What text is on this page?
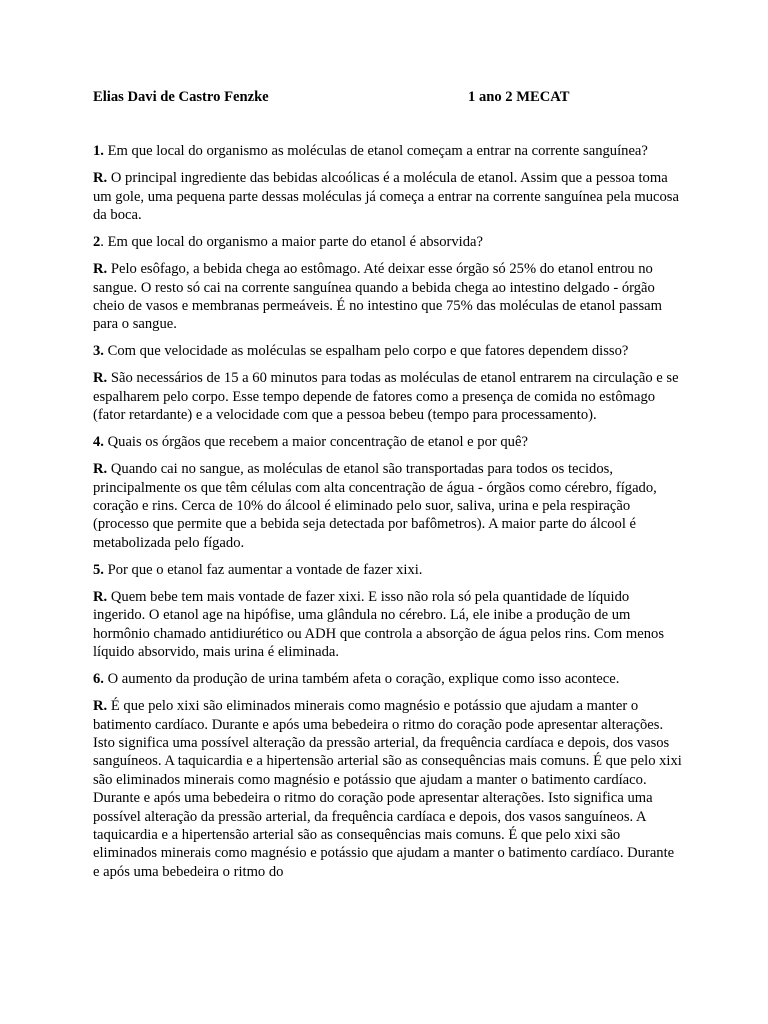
Elias Davi de Castro Fenzke	1 ano 2 MECAT

1. Em que local do organismo as moléculas de etanol começam a entrar na corrente sanguínea?

R. O principal ingrediente das bebidas alcoólicas é a molécula de etanol. Assim que a pessoa toma um gole, uma pequena parte dessas moléculas já começa a entrar na corrente sanguínea pela mucosa da boca.

2. Em que local do organismo a maior parte do etanol é absorvida?

R. Pelo esôfago, a bebida chega ao estômago. Até deixar esse órgão só 25% do etanol entrou no sangue. O resto só cai na corrente sanguínea quando a bebida chega ao intestino delgado - órgão cheio de vasos e membranas permeáveis. É no intestino que 75% das moléculas de etanol passam para o sangue.

3. Com que velocidade as moléculas se espalham pelo corpo e que fatores dependem disso?

R. São necessários de 15 a 60 minutos para todas as moléculas de etanol entrarem na circulação e se espalharem pelo corpo. Esse tempo depende de fatores como a presença de comida no estômago (fator retardante) e a velocidade com que a pessoa bebeu (tempo para processamento).

4. Quais os órgãos que recebem a maior concentração de etanol e por quê?

R. Quando cai no sangue, as moléculas de etanol são transportadas para todos os tecidos, principalmente os que têm células com alta concentração de água - órgãos como cérebro, fígado, coração e rins. Cerca de 10% do álcool é eliminado pelo suor, saliva, urina e pela respiração (processo que permite que a bebida seja detectada por bafômetros). A maior parte do álcool é metabolizada pelo fígado.

5. Por que o etanol faz aumentar a vontade de fazer xixi.

R. Quem bebe tem mais vontade de fazer xixi. E isso não rola só pela quantidade de líquido ingerido. O etanol age na hipófise, uma glândula no cérebro. Lá, ele inibe a produção de um hormônio chamado antidiurético ou ADH que controla a absorção de água pelos rins. Com menos líquido absorvido, mais urina é eliminada.

6. O aumento da produção de urina também afeta o coração, explique como isso acontece.

R. É que pelo xixi são eliminados minerais como magnésio e potássio que ajudam a manter o batimento cardíaco. Durante e após uma bebedeira o ritmo do coração pode apresentar alterações. Isto significa uma possível alteração da pressão arterial, da frequência cardíaca e depois, dos vasos sanguíneos. A taquicardia e a hipertensão arterial são as consequências mais comuns. É que pelo xixi são eliminados minerais como magnésio e potássio que ajudam a manter o batimento cardíaco. Durante e após uma bebedeira o ritmo do coração pode apresentar alterações. Isto significa uma possível alteração da pressão arterial, da frequência cardíaca e depois, dos vasos sanguíneos. A taquicardia e a hipertensão arterial são as consequências mais comuns. É que pelo xixi são eliminados minerais como magnésio e potássio que ajudam a manter o batimento cardíaco. Durante e após uma bebedeira o ritmo do
